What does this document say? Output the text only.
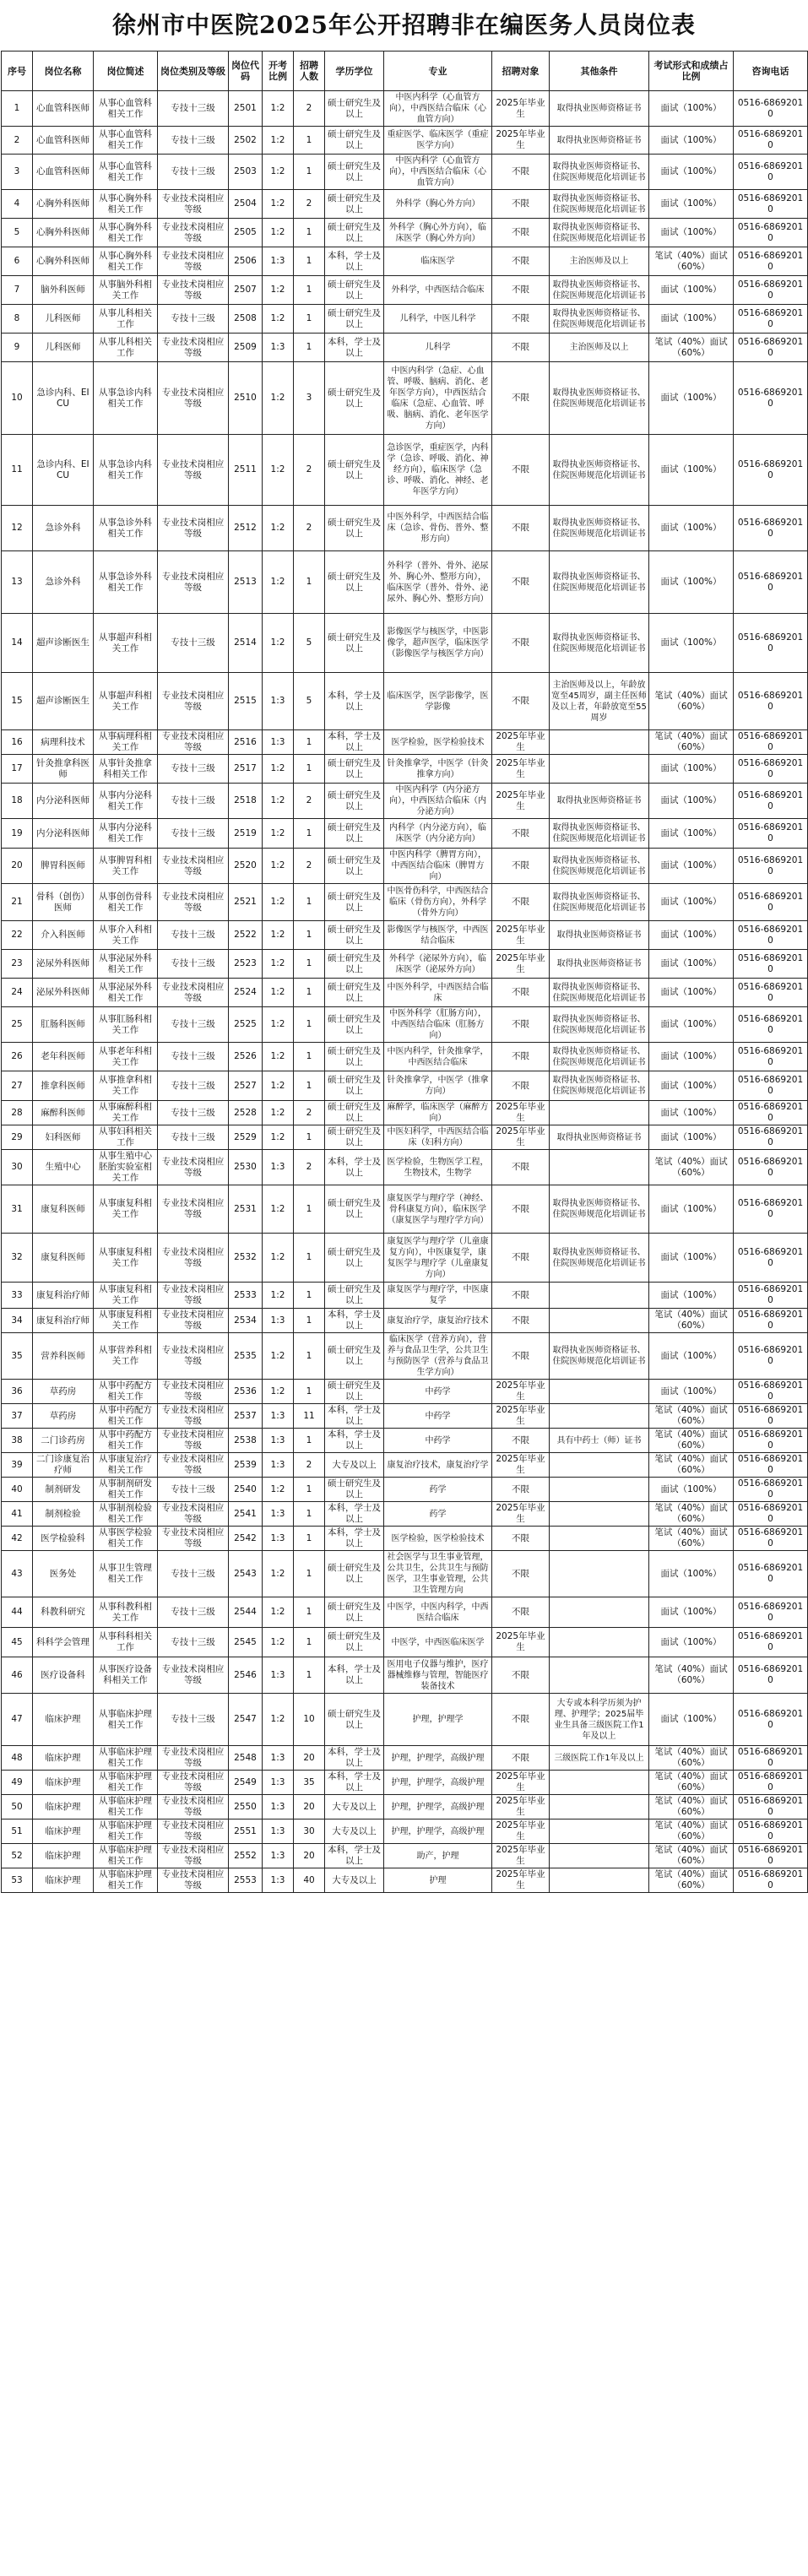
徐州市中医院2025年公开招聘非在编医务人员岗位表
序号	岗位名称	岗位简述	岗位类别及等级	岗位代码	开考比例	招聘人数	学历学位	专业	招聘对象	其他条件	考试形式和成绩占比例	咨询电话
1	心血管科医师	从事心血管科相关工作	专技十三级	2501	1:2	2	硕士研究生及以上	中医内科学（心血管方向），中西医结合临床（心血管方向）	2025年毕业生	取得执业医师资格证书	面试（100%）	0516-68692010
2	心血管科医师	从事心血管科相关工作	专技十三级	2502	1:2	1	硕士研究生及以上	重症医学、临床医学（重症医学方向）	2025年毕业生	取得执业医师资格证书	面试（100%）	0516-68692010
3	心血管科医师	从事心血管科相关工作	专技十三级	2503	1:2	1	硕士研究生及以上	中医内科学（心血管方向），中西医结合临床（心血管方向）	不限	取得执业医师资格证书、住院医师规范化培训证书	面试（100%）	0516-68692010
4	心胸外科医师	从事心胸外科相关工作	专业技术岗相应等级	2504	1:2	2	硕士研究生及以上	外科学（胸心外方向）	不限	取得执业医师资格证书、住院医师规范化培训证书	面试（100%）	0516-68692010
5	心胸外科医师	从事心胸外科相关工作	专业技术岗相应等级	2505	1:2	1	硕士研究生及以上	外科学（胸心外方向），临床医学（胸心外方向）	不限	取得执业医师资格证书、住院医师规范化培训证书	面试（100%）	0516-68692010
6	心胸外科医师	从事心胸外科相关工作	专业技术岗相应等级	2506	1:3	1	本科，学士及以上	临床医学	不限	主治医师及以上	笔试（40%）面试（60%）	0516-68692010
7	脑外科医师	从事脑外科相关工作	专业技术岗相应等级	2507	1:2	1	硕士研究生及以上	外科学，中西医结合临床	不限	取得执业医师资格证书、住院医师规范化培训证书	面试（100%）	0516-68692010
8	儿科医师	从事儿科相关工作	专技十三级	2508	1:2	1	硕士研究生及以上	儿科学，中医儿科学	不限	取得执业医师资格证书、住院医师规范化培训证书	面试（100%）	0516-68692010
9	儿科医师	从事儿科相关工作	专业技术岗相应等级	2509	1:3	1	本科，学士及以上	儿科学	不限	主治医师及以上	笔试（40%）面试（60%）	0516-68692010
10	急诊内科、EICU	从事急诊内科相关工作	专业技术岗相应等级	2510	1:2	3	硕士研究生及以上	中医内科学（急症、心血管、呼吸、脑病、消化、老年医学方向），中西医结合临床（急症、心血管、呼吸、脑病、消化、老年医学方向）	不限	取得执业医师资格证书、住院医师规范化培训证书	面试（100%）	0516-68692010
11	急诊内科、EICU	从事急诊内科相关工作	专业技术岗相应等级	2511	1:2	2	硕士研究生及以上	急诊医学，重症医学，内科学（急诊、呼吸、消化、神经方向），临床医学（急诊、呼吸、消化、神经、老年医学方向）	不限	取得执业医师资格证书、住院医师规范化培训证书	面试（100%）	0516-68692010
12	急诊外科	从事急诊外科相关工作	专业技术岗相应等级	2512	1:2	2	硕士研究生及以上	中医外科学，中西医结合临床（急诊、骨伤、普外、整形方向）	不限	取得执业医师资格证书、住院医师规范化培训证书	面试（100%）	0516-68692010
13	急诊外科	从事急诊外科相关工作	专业技术岗相应等级	2513	1:2	1	硕士研究生及以上	外科学（普外、骨外、泌尿外、胸心外、整形方向），临床医学（普外、骨外、泌尿外、胸心外、整形方向）	不限	取得执业医师资格证书、住院医师规范化培训证书	面试（100%）	0516-68692010
14	超声诊断医生	从事超声科相关工作	专技十三级	2514	1:2	5	硕士研究生及以上	影像医学与核医学，中医影像学，超声医学，临床医学（影像医学与核医学方向）	不限	取得执业医师资格证书、住院医师规范化培训证书	面试（100%）	0516-68692010
15	超声诊断医生	从事超声科相关工作	专业技术岗相应等级	2515	1:3	5	本科，学士及以上	临床医学，医学影像学，医学影像	不限	主治医师及以上，年龄放宽至45周岁，副主任医师及以上者，年龄放宽至55周岁	笔试（40%）面试（60%）	0516-68692010
16	病理科技术	从事病理科相关工作	专业技术岗相应等级	2516	1:3	1	本科，学士及以上	医学检验，医学检验技术	2025年毕业生		笔试（40%）面试（60%）	0516-68692010
17	针灸推拿科医师	从事针灸推拿科相关工作	专技十三级	2517	1:2	1	硕士研究生及以上	针灸推拿学，中医学（针灸推拿方向）	2025年毕业生		面试（100%）	0516-68692010
18	内分泌科医师	从事内分泌科相关工作	专技十三级	2518	1:2	2	硕士研究生及以上	中医内科学（内分泌方向），中西医结合临床（内分泌方向）	2025年毕业生	取得执业医师资格证书	面试（100%）	0516-68692010
19	内分泌科医师	从事内分泌科相关工作	专技十三级	2519	1:2	1	硕士研究生及以上	内科学（内分泌方向），临床医学（内分泌方向）	不限	取得执业医师资格证书、住院医师规范化培训证书	面试（100%）	0516-68692010
20	脾胃科医师	从事脾胃科相关工作	专业技术岗相应等级	2520	1:2	2	硕士研究生及以上	中医内科学（脾胃方向），中西医结合临床（脾胃方向）	不限	取得执业医师资格证书、住院医师规范化培训证书	面试（100%）	0516-68692010
21	骨科（创伤）医师	从事创伤骨科相关工作	专业技术岗相应等级	2521	1:2	1	硕士研究生及以上	中医骨伤科学，中西医结合临床（骨伤方向），外科学（骨外方向）	不限	取得执业医师资格证书、住院医师规范化培训证书	面试（100%）	0516-68692010
22	介入科医师	从事介入科相关工作	专技十三级	2522	1:2	1	硕士研究生及以上	影像医学与核医学，中西医结合临床	2025年毕业生	取得执业医师资格证书	面试（100%）	0516-68692010
23	泌尿外科医师	从事泌尿外科相关工作	专技十三级	2523	1:2	1	硕士研究生及以上	外科学（泌尿外方向），临床医学（泌尿外方向）	2025年毕业生	取得执业医师资格证书	面试（100%）	0516-68692010
24	泌尿外科医师	从事泌尿外科相关工作	专业技术岗相应等级	2524	1:2	1	硕士研究生及以上	中医外科学，中西医结合临床	不限	取得执业医师资格证书、住院医师规范化培训证书	面试（100%）	0516-68692010
25	肛肠科医师	从事肛肠科相关工作	专技十三级	2525	1:2	1	硕士研究生及以上	中医外科学（肛肠方向），中西医结合临床（肛肠方向）	不限	取得执业医师资格证书、住院医师规范化培训证书	面试（100%）	0516-68692010
26	老年科医师	从事老年科相关工作	专技十三级	2526	1:2	1	硕士研究生及以上	中医内科学，针灸推拿学，中西医结合临床	不限	取得执业医师资格证书、住院医师规范化培训证书	面试（100%）	0516-68692010
27	推拿科医师	从事推拿科相关工作	专技十三级	2527	1:2	1	硕士研究生及以上	针灸推拿学，中医学（推拿方向）	不限	取得执业医师资格证书、住院医师规范化培训证书	面试（100%）	0516-68692010
28	麻醉科医师	从事麻醉科相关工作	专技十三级	2528	1:2	2	硕士研究生及以上	麻醉学，临床医学（麻醉方向）	2025年毕业生		面试（100%）	0516-68692010
29	妇科医师	从事妇科相关工作	专技十三级	2529	1:2	1	硕士研究生及以上	中医妇科学，中西医结合临床（妇科方向）	2025年毕业生	取得执业医师资格证书	面试（100%）	0516-68692010
30	生殖中心	从事生殖中心胚胎实验室相关工作	专业技术岗相应等级	2530	1:3	2	本科，学士及以上	医学检验，生物医学工程，生物技术，生物学	不限		笔试（40%）面试（60%）	0516-68692010
31	康复科医师	从事康复科相关工作	专业技术岗相应等级	2531	1:2	1	硕士研究生及以上	康复医学与理疗学（神经、骨科康复方向），临床医学（康复医学与理疗学方向）	不限	取得执业医师资格证书、住院医师规范化培训证书	面试（100%）	0516-68692010
32	康复科医师	从事康复科相关工作	专业技术岗相应等级	2532	1:2	1	硕士研究生及以上	康复医学与理疗学（儿童康复方向），中医康复学，康复医学与理疗学（儿童康复方向）	不限	取得执业医师资格证书、住院医师规范化培训证书	面试（100%）	0516-68692010
33	康复科治疗师	从事康复科相关工作	专业技术岗相应等级	2533	1:2	1	硕士研究生及以上	康复医学与理疗学，中医康复学	不限		面试（100%）	0516-68692010
34	康复科治疗师	从事康复科相关工作	专业技术岗相应等级	2534	1:3	1	本科，学士及以上	康复治疗学，康复治疗技术	不限		笔试（40%）面试（60%）	0516-68692010
35	营养科医师	从事营养科相关工作	专业技术岗相应等级	2535	1:2	1	硕士研究生及以上	临床医学（营养方向），营养与食品卫生学，公共卫生与预防医学（营养与食品卫生学方向）	不限	取得执业医师资格证书、住院医师规范化培训证书	面试（100%）	0516-68692010
36	草药房	从事中药配方相关工作	专业技术岗相应等级	2536	1:2	1	硕士研究生及以上	中药学	2025年毕业生		面试（100%）	0516-68692010
37	草药房	从事中药配方相关工作	专业技术岗相应等级	2537	1:3	11	本科，学士及以上	中药学	2025年毕业生		笔试（40%）面试（60%）	0516-68692010
38	二门诊药房	从事中药配方相关工作	专业技术岗相应等级	2538	1:3	1	本科，学士及以上	中药学	不限	具有中药士（师）证书	笔试（40%）面试（60%）	0516-68692010
39	二门诊康复治疗师	从事康复治疗相关工作	专业技术岗相应等级	2539	1:3	2	大专及以上	康复治疗技术，康复治疗学	2025年毕业生		笔试（40%）面试（60%）	0516-68692010
40	制剂研发	从事制剂研发相关工作	专技十三级	2540	1:2	1	硕士研究生及以上	药学	不限		面试（100%）	0516-68692010
41	制剂检验	从事制剂检验相关工作	专业技术岗相应等级	2541	1:3	1	本科，学士及以上	药学	2025年毕业生		笔试（40%）面试（60%）	0516-68692010
42	医学检验科	从事医学检验相关工作	专业技术岗相应等级	2542	1:3	1	本科，学士及以上	医学检验，医学检验技术	不限		笔试（40%）面试（60%）	0516-68692010
43	医务处	从事卫生管理相关工作	专技十三级	2543	1:2	1	硕士研究生及以上	社会医学与卫生事业管理，公共卫生，公共卫生与预防医学，卫生事业管理，公共卫生管理方向	不限		面试（100%）	0516-68692010
44	科教科研究	从事科教科相关工作	专技十三级	2544	1:2	1	硕士研究生及以上	中医学，中医内科学，中西医结合临床	不限		面试（100%）	0516-68692010
45	科科学会管理	从事科科相关工作	专技十三级	2545	1:2	1	硕士研究生及以上	中医学，中西医临床医学	2025年毕业生		面试（100%）	0516-68692010
46	医疗设备科	从事医疗设备科相关工作	专业技术岗相应等级	2546	1:3	1	本科，学士及以上	医用电子仪器与维护，医疗器械维修与管理，智能医疗装备技术	不限		笔试（40%）面试（60%）	0516-68692010
47	临床护理	从事临床护理相关工作	专技十三级	2547	1:2	10	硕士研究生及以上	护理，护理学	不限	大专或本科学历须为护理、护理学；2025届毕业生具备三级医院工作1年及以上	面试（100%）	0516-68692010
48	临床护理	从事临床护理相关工作	专业技术岗相应等级	2548	1:3	20	本科，学士及以上	护理，护理学，高级护理	不限	三级医院工作1年及以上	笔试（40%）面试（60%）	0516-68692010
49	临床护理	从事临床护理相关工作	专业技术岗相应等级	2549	1:3	35	本科，学士及以上	护理，护理学，高级护理	2025年毕业生		笔试（40%）面试（60%）	0516-68692010
50	临床护理	从事临床护理相关工作	专业技术岗相应等级	2550	1:3	20	大专及以上	护理，护理学，高级护理	2025年毕业生		笔试（40%）面试（60%）	0516-68692010
51	临床护理	从事临床护理相关工作	专业技术岗相应等级	2551	1:3	30	大专及以上	护理，护理学，高级护理	2025年毕业生		笔试（40%）面试（60%）	0516-68692010
52	临床护理	从事临床护理相关工作	专业技术岗相应等级	2552	1:3	20	本科，学士及以上	助产，护理	2025年毕业生		笔试（40%）面试（60%）	0516-68692010
53	临床护理	从事临床护理相关工作	专业技术岗相应等级	2553	1:3	40	大专及以上	护理	2025年毕业生		笔试（40%）面试（60%）	0516-68692010
